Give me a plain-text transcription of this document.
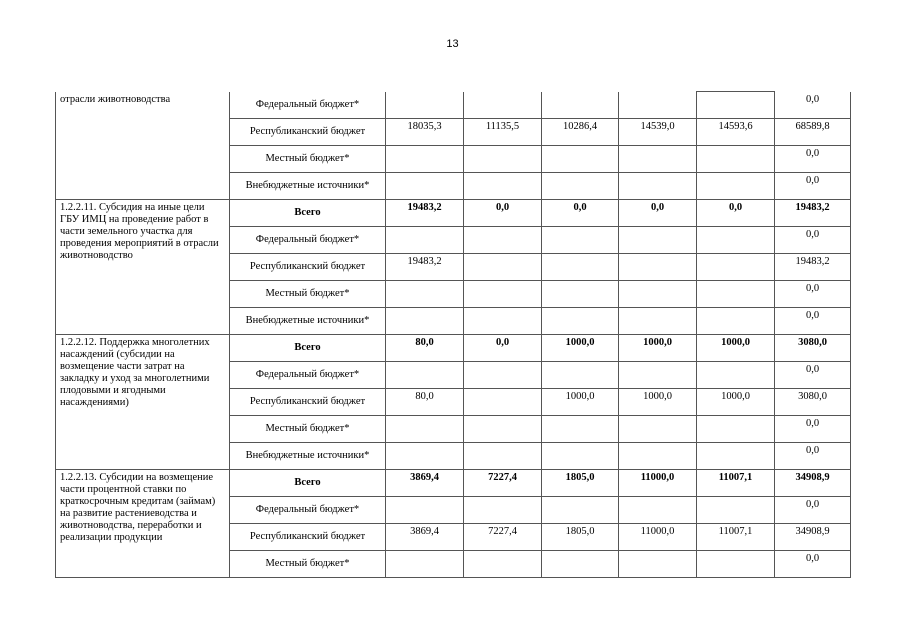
13
отрасли животноводства	Федеральный бюджет*						0,0
	Республиканский бюджет	18035,3	11135,5	10286,4	14539,0	14593,6	68589,8
	Местный бюджет*						0,0
	Внебюджетные источники*						0,0
1.2.2.11. Субсидия на иные цели ГБУ ИМЦ на проведение работ в части земельного участка для проведения мероприятий в отрасли животноводство	Всего	19483,2	0,0	0,0	0,0	0,0	19483,2
	Федеральный бюджет*						0,0
	Республиканский бюджет	19483,2					19483,2
	Местный бюджет*						0,0
	Внебюджетные источники*						0,0
1.2.2.12. Поддержка многолетних насаждений (субсидии на возмещение части затрат на закладку и уход за многолетними плодовыми и ягодными насаждениями)	Всего	80,0	0,0	1000,0	1000,0	1000,0	3080,0
	Федеральный бюджет*						0,0
	Республиканский бюджет	80,0		1000,0	1000,0	1000,0	3080,0
	Местный бюджет*						0,0
	Внебюджетные источники*						0,0
1.2.2.13. Субсидии на возмещение части процентной ставки по краткосрочным кредитам (займам) на развитие растениеводства и животноводства, переработки и реализации продукции	Всего	3869,4	7227,4	1805,0	11000,0	11007,1	34908,9
	Федеральный бюджет*						0,0
	Республиканский бюджет	3869,4	7227,4	1805,0	11000,0	11007,1	34908,9
	Местный бюджет*						0,0
